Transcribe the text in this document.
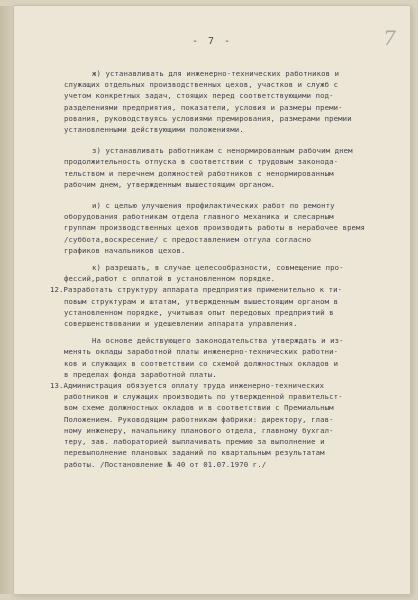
- 7 -	7
ж) устанавливать для инженерно-технических работников и
служащих отдельных производственных цехов, участков и служб с
учетом конкретных задач, стоящих перед соответствующими под-
разделениями предприятия, показатели, условия и размеры преми-
рования, руководствуясь условиями премирования, размерами премии
установленными действующими положениями.
з) устанавливать работникам с ненормированным рабочим днем
продолжительность отпуска в соответствии с трудовым законода-
тельством и перечнем должностей работников с ненормированным
рабочим днем, утвержденным вышестоящим органом.
и) с целью улучшения профилактических работ по ремонту
оборудования работникам отдела главного механика и слесарным
группам производственных цехов производить работы в нерабочее время
/субботa,воскресение/ с предоставлением отгула согласно
графиков начальников цехов.
к) разрешать, в случае целесообразности, совмещение про-
фессий,работ с оплатой в установленном порядке.
12.Разработать структуру аппарата предприятия применительно к ти-
повым структурам и штатам, утвержденным вышестоящим органом в
установленном порядке, учитывая опыт передовых предприятий в
совершенствовании и удешевлении аппарата управления.
На основе действующего законодательства утверждать и из-
менять оклады заработной платы инженерно-технических работни-
ков и служащих в соответствии со схемой должностных окладов и
в пределах фонда заработной платы.
13.Администрация обязуется оплату труда инженерно-технических
работников и служащих производить по утвержденной правительст-
вом схеме должностных окладов и в соответствии с Премиальным
Положением. Руководящим работникам фабрики: директору, глав-
ному инженеру, начальнику планового отдела, главному бухгал-
теру, зав. лабораторией выплачивать премию за выполнение и
перевыполнение плановых заданий по квартальным результатам
работы. /Постановление № 40 от 01.07.1970 г./
